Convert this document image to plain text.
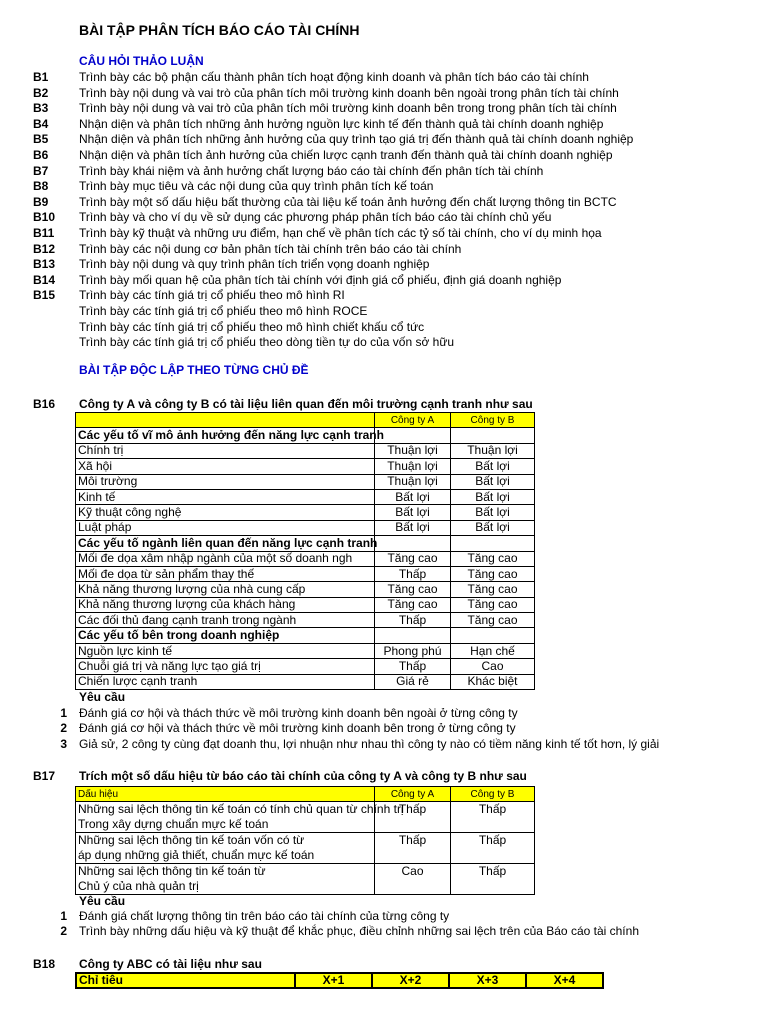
BÀI TẬP PHÂN TÍCH BÁO CÁO TÀI CHÍNH
CÂU HỎI THẢO LUẬN
B1	Trình bày các bộ phận cấu thành phân tích hoạt động kinh doanh và phân tích báo cáo tài chính
B2	Trình bày nội dung và vai trò của phân tích môi trường kinh doanh bên ngoài trong phân tích tài chính
B3	Trình bày nội dung và vai trò của phân tích môi trường kinh doanh bên trong trong phân tích tài chính
B4	Nhận diện và phân tích những ảnh hưởng nguồn lực kinh tế đến thành quả tài chính doanh nghiệp
B5	Nhận diện và phân tích những ảnh hưởng của quy trình tạo giá trị đến thành quả tài chính doanh nghiệp
B6	Nhận diện và phân tích ảnh hưởng của chiến lược cạnh tranh đến thành quả tài chính doanh nghiệp
B7	Trình bày khái niệm và ảnh hưởng chất lượng báo cáo tài chính đến phân tích tài chính
B8	Trình bày mục tiêu và các nội dung của quy trình phân tích kế toán
B9	Trình bày một số dấu hiệu bất thường của tài liệu kế toán ảnh hưởng đến chất lượng thông tin BCTC
B10	Trình bày và cho ví dụ về sử dụng các phương pháp phân tích báo cáo tài chính chủ yếu
B11	Trình bày kỹ thuật và những ưu điểm, hạn chế về phân tích các tỷ số tài chính, cho ví dụ minh họa
B12	Trình bày các nội dung cơ bản phân tích tài chính trên báo cáo tài chính
B13	Trình bày nội dung và quy trình phân tích triển vọng doanh nghiệp
B14	Trình bày mối quan hệ của phân tích tài chính với định giá cổ phiếu, định giá doanh nghiệp
B15	Trình bày các tính giá trị cổ phiếu theo mô hình RI
Trình bày các tính giá trị cổ phiếu theo mô hình ROCE
Trình bày các tính giá trị cổ phiếu theo mô hình chiết khấu cổ tức
Trình bày các tính giá trị cổ phiếu theo dòng tiền tự do của vốn sở hữu
BÀI TẬP ĐỘC LẬP THEO TỪNG CHỦ ĐỀ
B16	Công ty A và công ty B có tài liệu liên quan đến môi trường cạnh tranh như sau
	Công ty A	Công ty B
Các yếu tố vĩ mô ảnh hưởng đến năng lực cạnh tranh		
Chính trị	Thuận lợi	Thuận lợi
Xã hội	Thuận lợi	Bất lợi
Môi trường	Thuận lợi	Bất lợi
Kinh tế	Bất lợi	Bất lợi
Kỹ thuật công nghệ	Bất lợi	Bất lợi
Luật pháp	Bất lợi	Bất lợi
Các yếu tố ngành liên quan đến năng lực cạnh tranh		
Mối đe dọa xâm nhập ngành của một số doanh ngh	Tăng cao	Tăng cao
Mối đe dọa từ sản phẩm thay thế	Thấp	Tăng cao
Khả năng thương lượng của nhà cung cấp	Tăng cao	Tăng cao
Khả năng thương lượng của khách hàng	Tăng cao	Tăng cao
Các đối thủ đang cạnh tranh trong ngành	Thấp	Tăng cao
Các yếu tố bên trong doanh nghiệp		
Nguồn lực kinh tế	Phong phú	Hạn chế
Chuỗi giá trị và năng lực tạo giá trị	Thấp	Cao
Chiến lược cạnh tranh	Giá rẻ	Khác biệt
Yêu cầu
1	Đánh giá cơ hội và thách thức về môi trường kinh doanh bên ngoài ở từng công ty
2	Đánh giá cơ hội và thách thức về môi trường kinh doanh bên trong ở từng công ty
3	Giả sử, 2 công ty cùng đạt doanh thu, lợi nhuận như nhau thì công ty nào có tiềm năng kinh tế tốt hơn, lý giải
B17	Trích một số dấu hiệu từ báo cáo tài chính của công ty A và công ty B như sau
Dấu hiệu	Công ty A	Công ty B
Những sai lệch thông tin kế toán có tính chủ quan từ chính trị	Thấp	Thấp
Trong xây dựng chuẩn mực kế toán		
Những sai lệch thông tin kế toán vốn có từ	Thấp	Thấp
áp dụng những giả thiết, chuẩn mực kế toán		
Những sai lệch thông tin kế toán từ	Cao	Thấp
Chủ ý của nhà quản trị		
Yêu cầu
1	Đánh giá chất lượng thông tin trên báo cáo tài chính của từng công ty
2	Trình bày những dấu hiệu và kỹ thuật để khắc phục, điều chỉnh những sai lệch trên của Báo cáo tài chính
B18	Công ty ABC có tài liệu như sau
Chỉ tiêu	X+1	X+2	X+3	X+4
